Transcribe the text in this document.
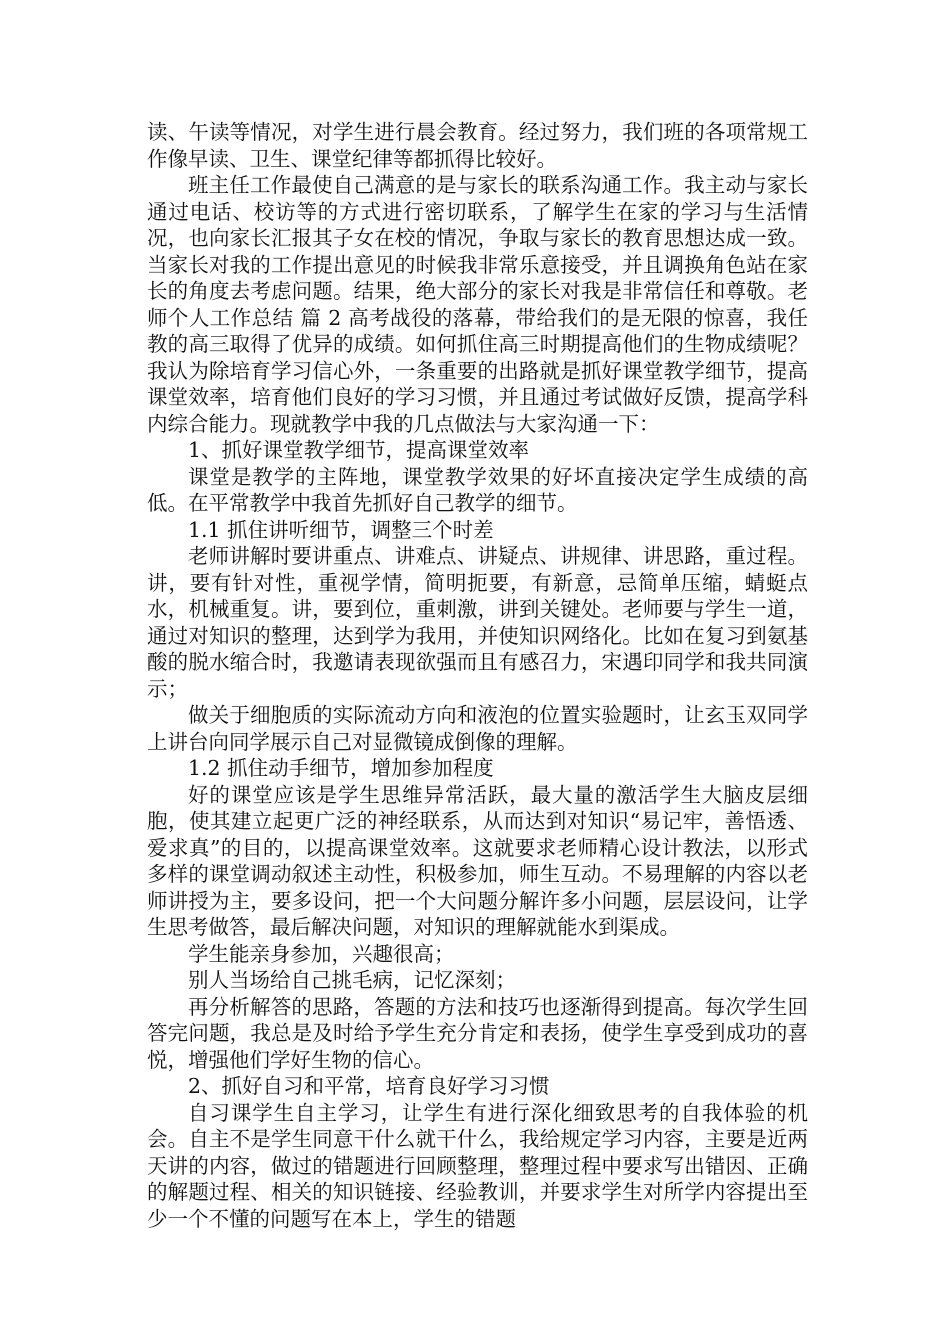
读、午读等情况，对学生进行晨会教育。经过努力，我们班的各项常规工作像早读、卫生、课堂纪律等都抓得比较好。

班主任工作最使自己满意的是与家长的联系沟通工作。我主动与家长通过电话、校访等的方式进行密切联系，了解学生在家的学习与生活情况，也向家长汇报其子女在校的情况，争取与家长的教育思想达成一致。当家长对我的工作提出意见的时候我非常乐意接受，并且调换角色站在家长的角度去考虑问题。结果，绝大部分的家长对我是非常信任和尊敬。老师个人工作总结 篇 2 高考战役的落幕，带给我们的是无限的惊喜，我任教的高三取得了优异的成绩。如何抓住高三时期提高他们的生物成绩呢？我认为除培育学习信心外，一条重要的出路就是抓好课堂教学细节，提高课堂效率，培育他们良好的学习习惯，并且通过考试做好反馈，提高学科内综合能力。现就教学中我的几点做法与大家沟通一下：

1、抓好课堂教学细节，提高课堂效率

课堂是教学的主阵地，课堂教学效果的好坏直接决定学生成绩的高低。在平常教学中我首先抓好自己教学的细节。

1.1 抓住讲听细节，调整三个时差

老师讲解时要讲重点、讲难点、讲疑点、讲规律、讲思路，重过程。讲，要有针对性，重视学情，简明扼要，有新意，忌简单压缩，蜻蜓点水，机械重复。讲，要到位，重刺激，讲到关键处。老师要与学生一道，通过对知识的整理，达到学为我用，并使知识网络化。比如在复习到氨基酸的脱水缩合时，我邀请表现欲强而且有感召力，宋遇印同学和我共同演示；

做关于细胞质的实际流动方向和液泡的位置实验题时，让玄玉双同学上讲台向同学展示自己对显微镜成倒像的理解。

1.2 抓住动手细节，增加参加程度

好的课堂应该是学生思维异常活跃，最大量的激活学生大脑皮层细胞，使其建立起更广泛的神经联系，从而达到对知识“易记牢，善悟透、爱求真”的目的，以提高课堂效率。这就要求老师精心设计教法，以形式多样的课堂调动叙述主动性，积极参加，师生互动。不易理解的内容以老师讲授为主，要多设问，把一个大问题分解许多小问题，层层设问，让学生思考做答，最后解决问题，对知识的理解就能水到渠成。

学生能亲身参加，兴趣很高；

别人当场给自己挑毛病，记忆深刻；

再分析解答的思路，答题的方法和技巧也逐渐得到提高。每次学生回答完问题，我总是及时给予学生充分肯定和表扬，使学生享受到成功的喜悦，增强他们学好生物的信心。

2、抓好自习和平常，培育良好学习习惯

自习课学生自主学习，让学生有进行深化细致思考的自我体验的机会。自主不是学生同意干什么就干什么，我给规定学习内容，主要是近两天讲的内容，做过的错题进行回顾整理，整理过程中要求写出错因、正确的解题过程、相关的知识链接、经验教训，并要求学生对所学内容提出至少一个不懂的问题写在本上，学生的错题
